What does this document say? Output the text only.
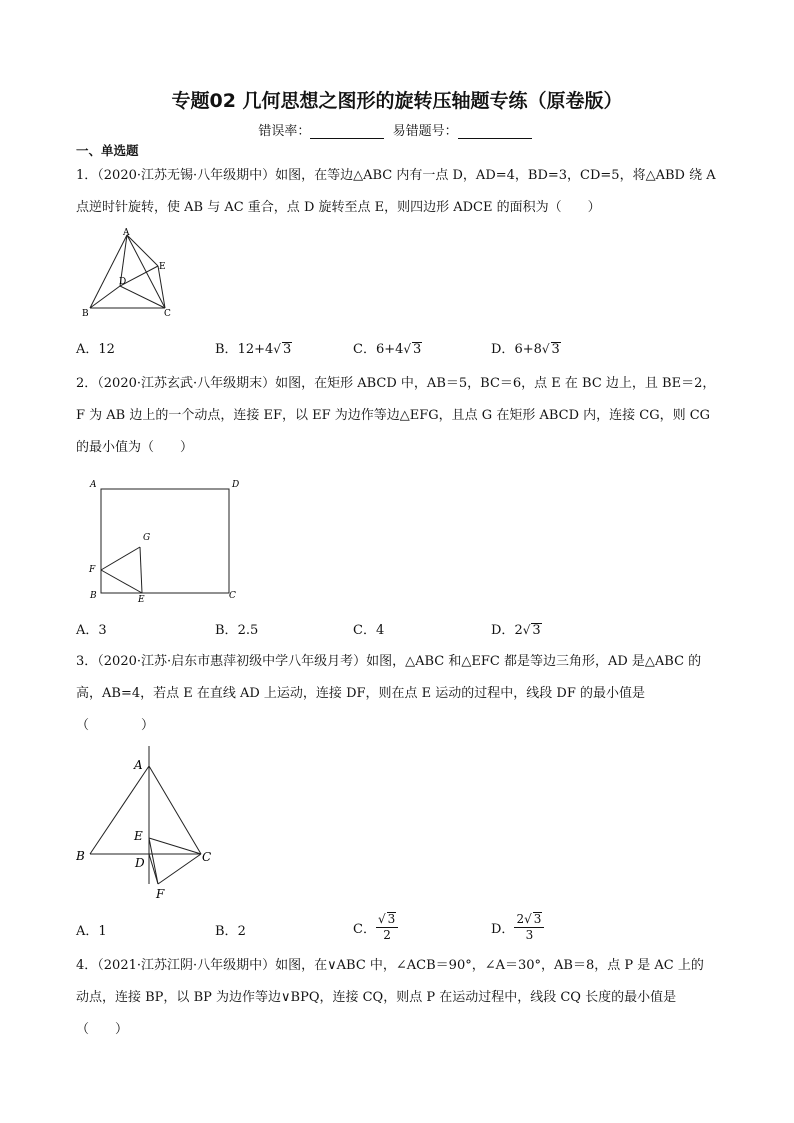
专题02 几何思想之图形的旋转压轴题专练（原卷版）
错误率：	易错题号：
一、单选题
1．（2020·江苏无锡·八年级期中）如图，在等边△ABC 内有一点 D，AD=4，BD=3，CD=5，将△ABD 绕 A 点逆时针旋转，使 AB 与 AC 重合，点 D 旋转至点 E，则四边形 ADCE 的面积为（　　）
A
B	C
D
E
A．12	B．12+4√ 3	C．6+4√ 3	D．6+8√ 3
2．（2020·江苏玄武·八年级期末）如图，在矩形 ABCD 中，AB＝5，BC＝6，点 E 在 BC 边上，且 BE＝2，F 为 AB 边上的一个动点，连接 EF，以 EF 为边作等边△EFG，且点 G 在矩形 ABCD 内，连接 CG，则 CG 的最小值为（　　）
A	D
G
F
B	E	C
A．3	B．2.5	C．4	D．2√ 3
3．（2020·江苏·启东市惠萍初级中学八年级月考）如图，△ABC 和△EFC 都是等边三角形，AD 是△ABC 的高，AB=4，若点 E 在直线 AD 上运动，连接 DF，则在点 E 运动的过程中，线段 DF 的最小值是（　　　　）
A
E
B	D	C
F
A．1	B．2	C． $\frac{√ 3}{2}$	D． $\frac{2√ 3}{3}$
4．（2021·江苏江阴·八年级期中）如图，在∨ABC 中，∠ACB＝90°，∠A＝30°，AB＝8，点 P 是 AC 上的动点，连接 BP，以 BP 为边作等边∨BPQ，连接 CQ，则点 P 在运动过程中，线段 CQ 长度的最小值是（　　）
